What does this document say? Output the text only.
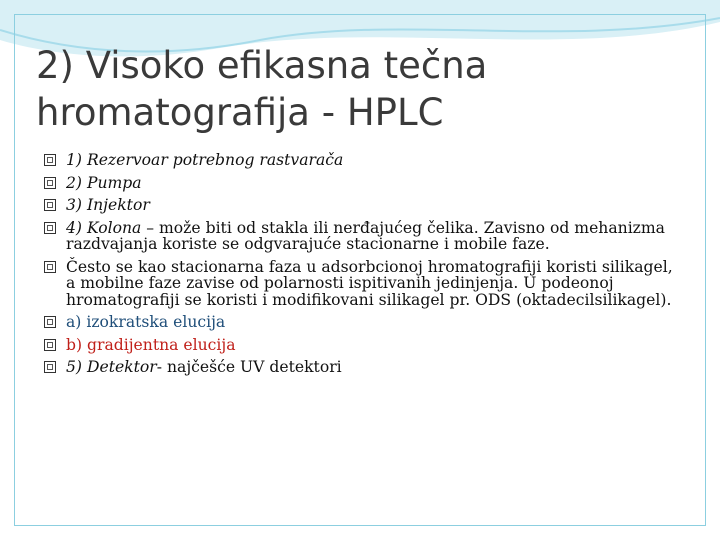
2) Visoko efikasna tečna
hromatografija - HPLC
1) Rezervoar potrebnog rastvarača
2) Pumpa
3) Injektor
4) Kolona – može biti od stakla ili nerđajućeg čelika. Zavisno od mehanizma razdvajanja koriste se odgvarajuće stacionarne i mobile faze.
Često se kao stacionarna faza u adsorbcionoj hromatografiji koristi silikagel, a mobilne faze zavise od polarnosti ispitivanih jedinjenja. U podeonoj hromatografiji se koristi i modifikovani silikagel pr. ODS (oktadecilsilikagel).
a) izokratska elucija
b) gradijentna elucija
5) Detektor- najčešće UV detektori
